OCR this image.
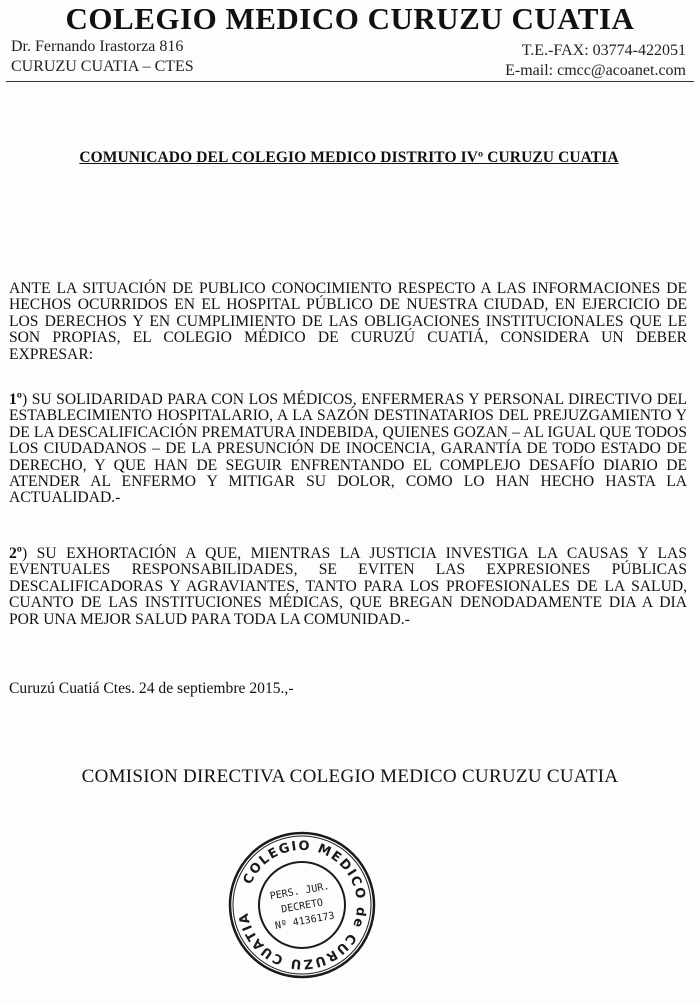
COLEGIO MEDICO CURUZU CUATIA
Dr. Fernando Irastorza 816
CURUZU CUATIA – CTES
T.E.-FAX: 03774-422051
E-mail: cmcc@acoanet.com
COMUNICADO DEL COLEGIO MEDICO DISTRITO IVº CURUZU CUATIA

ANTE LA SITUACIÓN DE PUBLICO CONOCIMIENTO RESPECTO A LAS INFORMACIONES DE HECHOS OCURRIDOS EN EL HOSPITAL PÚBLICO DE NUESTRA CIUDAD, EN EJERCICIO DE LOS DERECHOS Y EN CUMPLIMIENTO DE LAS OBLIGACIONES INSTITUCIONALES QUE LE SON PROPIAS, EL COLEGIO MÉDICO DE CURUZÚ CUATIÁ, CONSIDERA UN DEBER EXPRESAR:

1º) SU SOLIDARIDAD PARA CON LOS MÉDICOS, ENFERMERAS Y PERSONAL DIRECTIVO DEL ESTABLECIMIENTO HOSPITALARIO, A LA SAZÓN DESTINATARIOS DEL PREJUZGAMIENTO Y DE LA DESCALIFICACIÓN PREMATURA INDEBIDA, QUIENES GOZAN – AL IGUAL QUE TODOS LOS CIUDADANOS – DE LA PRESUNCIÓN DE INOCENCIA, GARANTÍA DE TODO ESTADO DE DERECHO, Y QUE HAN DE SEGUIR ENFRENTANDO EL COMPLEJO DESAFÍO DIARIO DE ATENDER AL ENFERMO Y MITIGAR SU DOLOR, COMO LO HAN HECHO HASTA LA ACTUALIDAD.-

2º) SU EXHORTACIÓN A QUE, MIENTRAS LA JUSTICIA INVESTIGA LA CAUSAS Y LAS EVENTUALES RESPONSABILIDADES, SE EVITEN LAS EXPRESIONES PÚBLICAS DESCALIFICADORAS Y AGRAVIANTES, TANTO PARA LOS PROFESIONALES DE LA SALUD, CUANTO DE LAS INSTITUCIONES MÉDICAS, QUE BREGAN DENODADAMENTE DIA A DIA POR UNA MEJOR SALUD PARA TODA LA COMUNIDAD.-

Curuzú Cuatiá Ctes. 24 de septiembre 2015.,-
COMISION DIRECTIVA COLEGIO MEDICO CURUZU CUATIA
COLEGIO MEDICO de CURUZU CUATIA
PERS. JUR.
DECRETO
Nº 4136173
